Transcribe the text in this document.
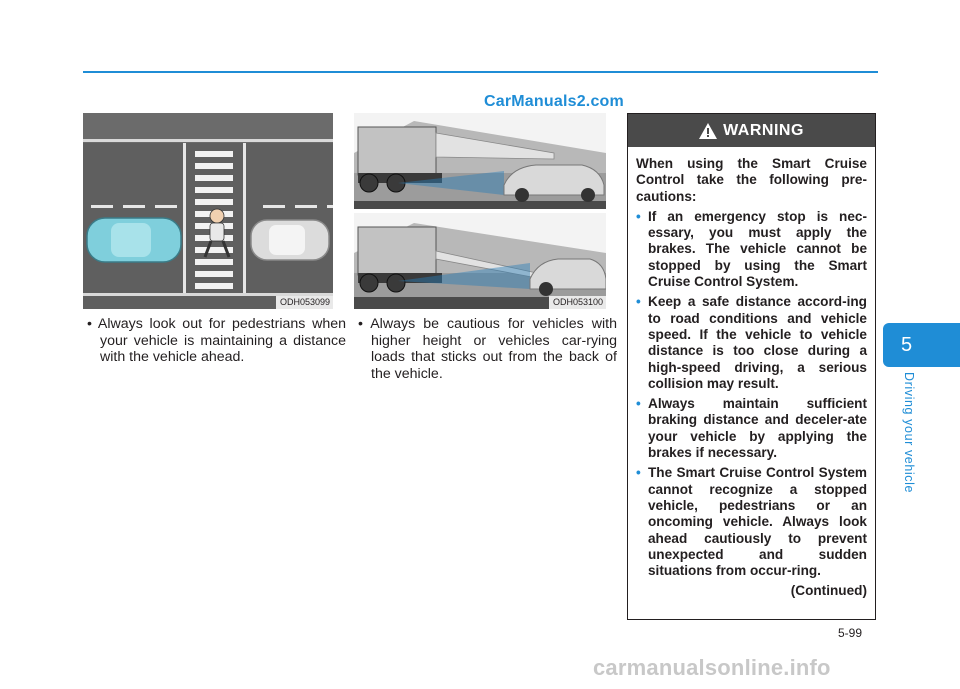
CarManuals2.com
ODH053099	ODH053100
• Always look out for pedestrians when your vehicle is maintaining a distance with the vehicle ahead.
• Always be cautious for vehicles with higher height or vehicles car-rying loads that sticks out from the back of the vehicle.
WARNING

When using the Smart Cruise Control take the following pre-cautions:

• If an emergency stop is nec-essary, you must apply the brakes. The vehicle cannot be stopped by using the Smart Cruise Control System.
• Keep a safe distance accord-ing to road conditions and vehicle speed. If the vehicle to vehicle distance is too close during a high-speed driving, a serious collision may result.
• Always maintain sufficient braking distance and deceler-ate your vehicle by applying the brakes if necessary.
• The Smart Cruise Control System cannot recognize a stopped vehicle, pedestrians or an oncoming vehicle. Always look ahead cautiously to prevent unexpected and sudden situations from occur-ring.
(Continued)
5
Driving your vehicle
5-99
carmanualsonline.info
